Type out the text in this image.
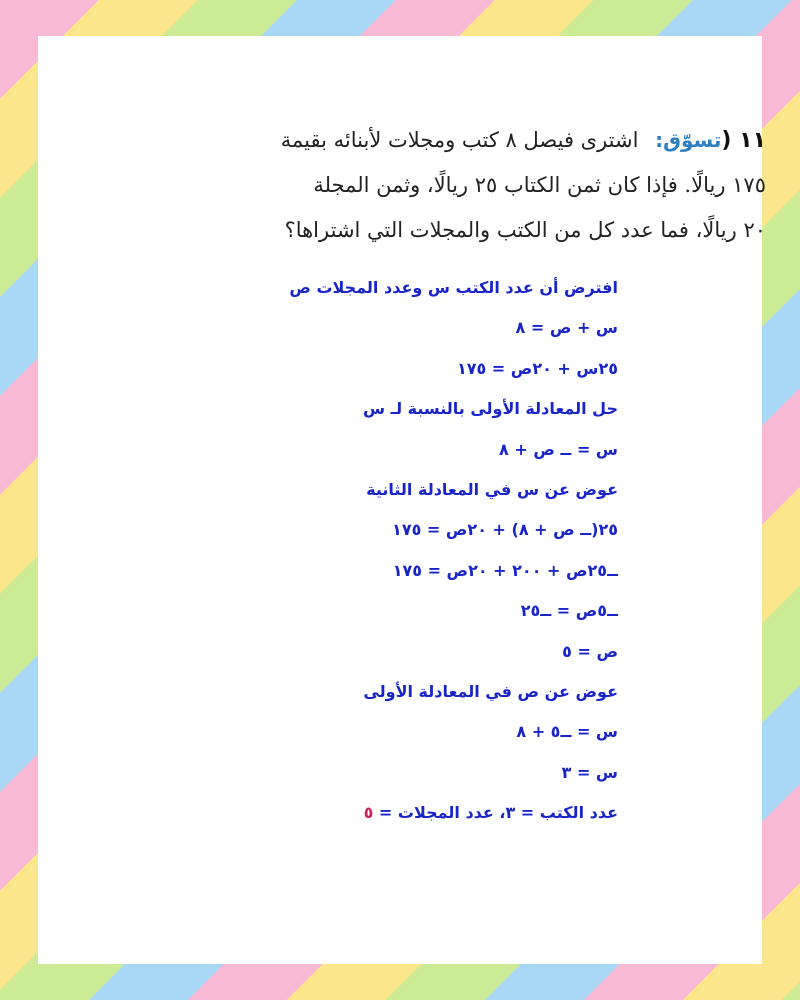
١١ (تسوّق: اشترى فيصل ٨ كتب ومجلات لأبنائه بقيمة
١٧٥ ريالًا. فإذا كان ثمن الكتاب ٢٥ ريالًا، وثمن المجلة
٢٠ ريالًا، فما عدد كل من الكتب والمجلات التي اشتراها؟
افترض أن عدد الكتب س وعدد المجلات ص
س + ص = ٨
٢٥س + ٢٠ص = ١٧٥
حل المعادلة الأولى بالنسبة لـ س
س = ــ ص + ٨
عوض عن س في المعادلة الثانية
٢٥(ــ ص + ٨) + ٢٠ص = ١٧٥
ــ٢٥ص + ٢٠٠ + ٢٠ص = ١٧٥
ــ٥ص = ــ٢٥
ص = ٥
عوض عن ص في المعادلة الأولى
س = ــ٥ + ٨
س = ٣
عدد الكتب = ٣، عدد المجلات = ٥
